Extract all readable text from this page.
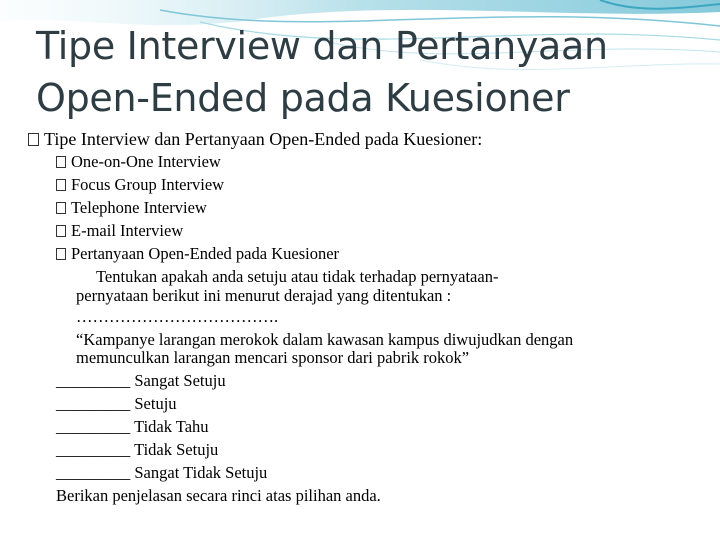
Tipe Interview dan Pertanyaan
Open-Ended pada Kuesioner
Tipe Interview dan Pertanyaan Open-Ended pada Kuesioner:
One-on-One Interview
Focus Group Interview
Telephone Interview
E-mail Interview
Pertanyaan Open-Ended pada Kuesioner
Tentukan apakah anda setuju atau tidak terhadap pernyataan-
pernyataan berikut ini menurut derajad yang ditentukan :
……………………………….
“Kampanye larangan merokok dalam kawasan kampus diwujudkan dengan
memunculkan larangan mencari sponsor dari pabrik rokok”
_________ Sangat Setuju
_________ Setuju
_________ Tidak Tahu
_________ Tidak Setuju
_________ Sangat Tidak Setuju
Berikan penjelasan secara rinci atas pilihan anda.
